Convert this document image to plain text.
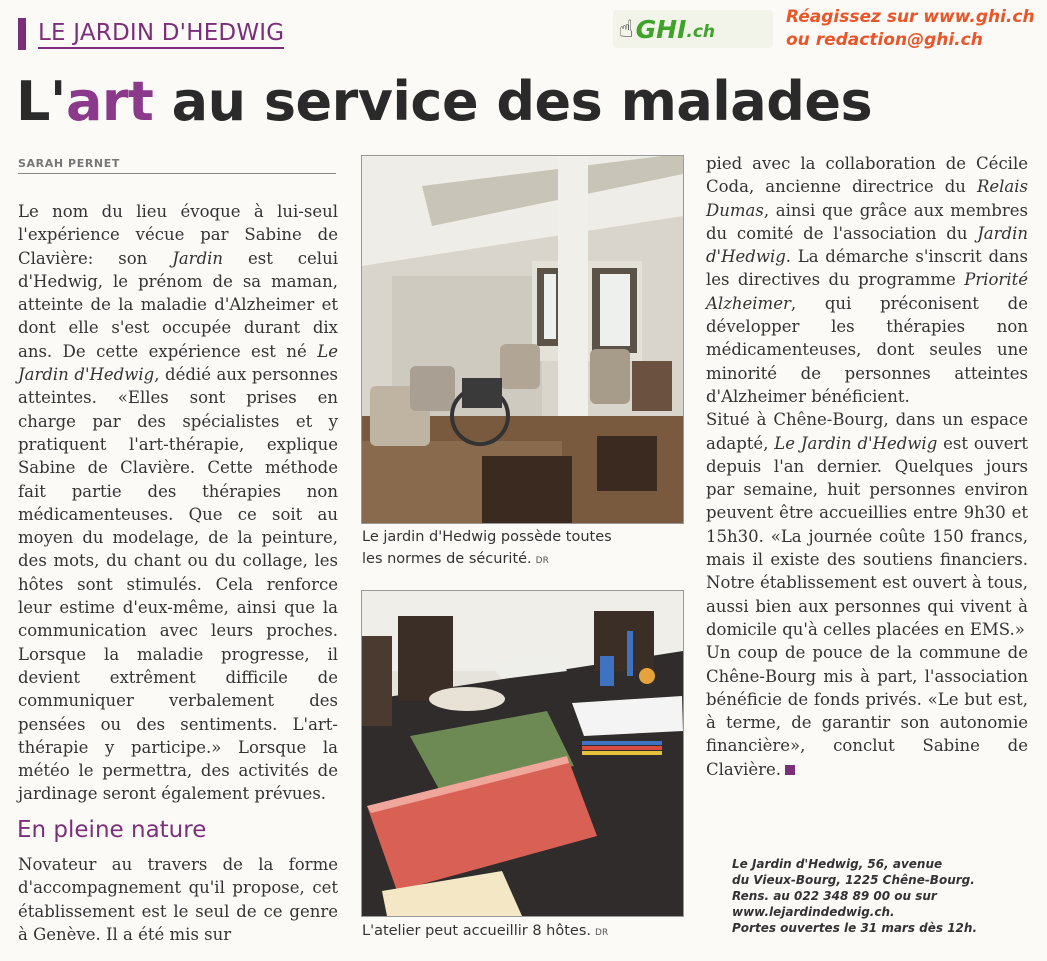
LE JARDIN D'HEDWIG	☝ GHI .ch
Réagissez sur www.ghi.ch
ou redaction@ghi.ch
L'art au service des malades
SARAH PERNET

Le nom du lieu évoque à lui-seul l'expérience vécue par Sabine de Clavière: son Jardin est celui d'Hedwig, le prénom de sa maman, atteinte de la maladie d'Alzheimer et dont elle s'est occupée durant dix ans. De cette expérience est né Le Jardin d'Hedwig, dédié aux personnes atteintes. «Elles sont prises en charge par des spécialistes et y pratiquent l'art-thérapie, explique Sabine de Clavière. Cette méthode fait partie des thérapies non médicamenteuses. Que ce soit au moyen du modelage, de la peinture, des mots, du chant ou du collage, les hôtes sont stimulés. Cela renforce leur estime d'eux-même, ainsi que la communication avec leurs proches. Lorsque la maladie progresse, il devient extrêment difficile de communiquer verbalement des pensées ou des sentiments. L'art-thérapie y participe.» Lorsque la météo le permettra, des activités de jardinage seront également prévues.

En pleine nature
Novateur au travers de la forme d'accompagnement qu'il propose, cet établissement est le seul de ce genre à Genève. Il a été mis sur
Le jardin d'Hedwig possède toutes
les normes de sécurité. DR
L'atelier peut accueillir 8 hôtes. DR

pied avec la collaboration de Cécile Coda, ancienne directrice du Relais Dumas, ainsi que grâce aux membres du comité de l'association du Jardin d'Hedwig. La démarche s'inscrit dans les directives du programme Priorité Alzheimer, qui préconisent de développer les thérapies non médicamenteuses, dont seules une minorité de personnes atteintes d'Alzheimer bénéficient.

Situé à Chêne-Bourg, dans un espace adapté, Le Jardin d'Hedwig est ouvert depuis l'an dernier. Quelques jours par semaine, huit personnes environ peuvent être accueillies entre 9h30 et 15h30. «La journée coûte 150 francs, mais il existe des soutiens financiers. Notre établissement est ouvert à tous, aussi bien aux personnes qui vivent à domicile qu'à celles placées en EMS.»

Un coup de pouce de la commune de Chêne-Bourg mis à part, l'association bénéficie de fonds privés. «Le but est, à terme, de garantir son autonomie financière», conclut Sabine de Clavière.

Le Jardin d'Hedwig, 56, avenue
du Vieux-Bourg, 1225 Chêne-Bourg.
Rens. au 022 348 89 00 ou sur
www.lejardindedwig.ch.
Portes ouvertes le 31 mars dès 12h.
